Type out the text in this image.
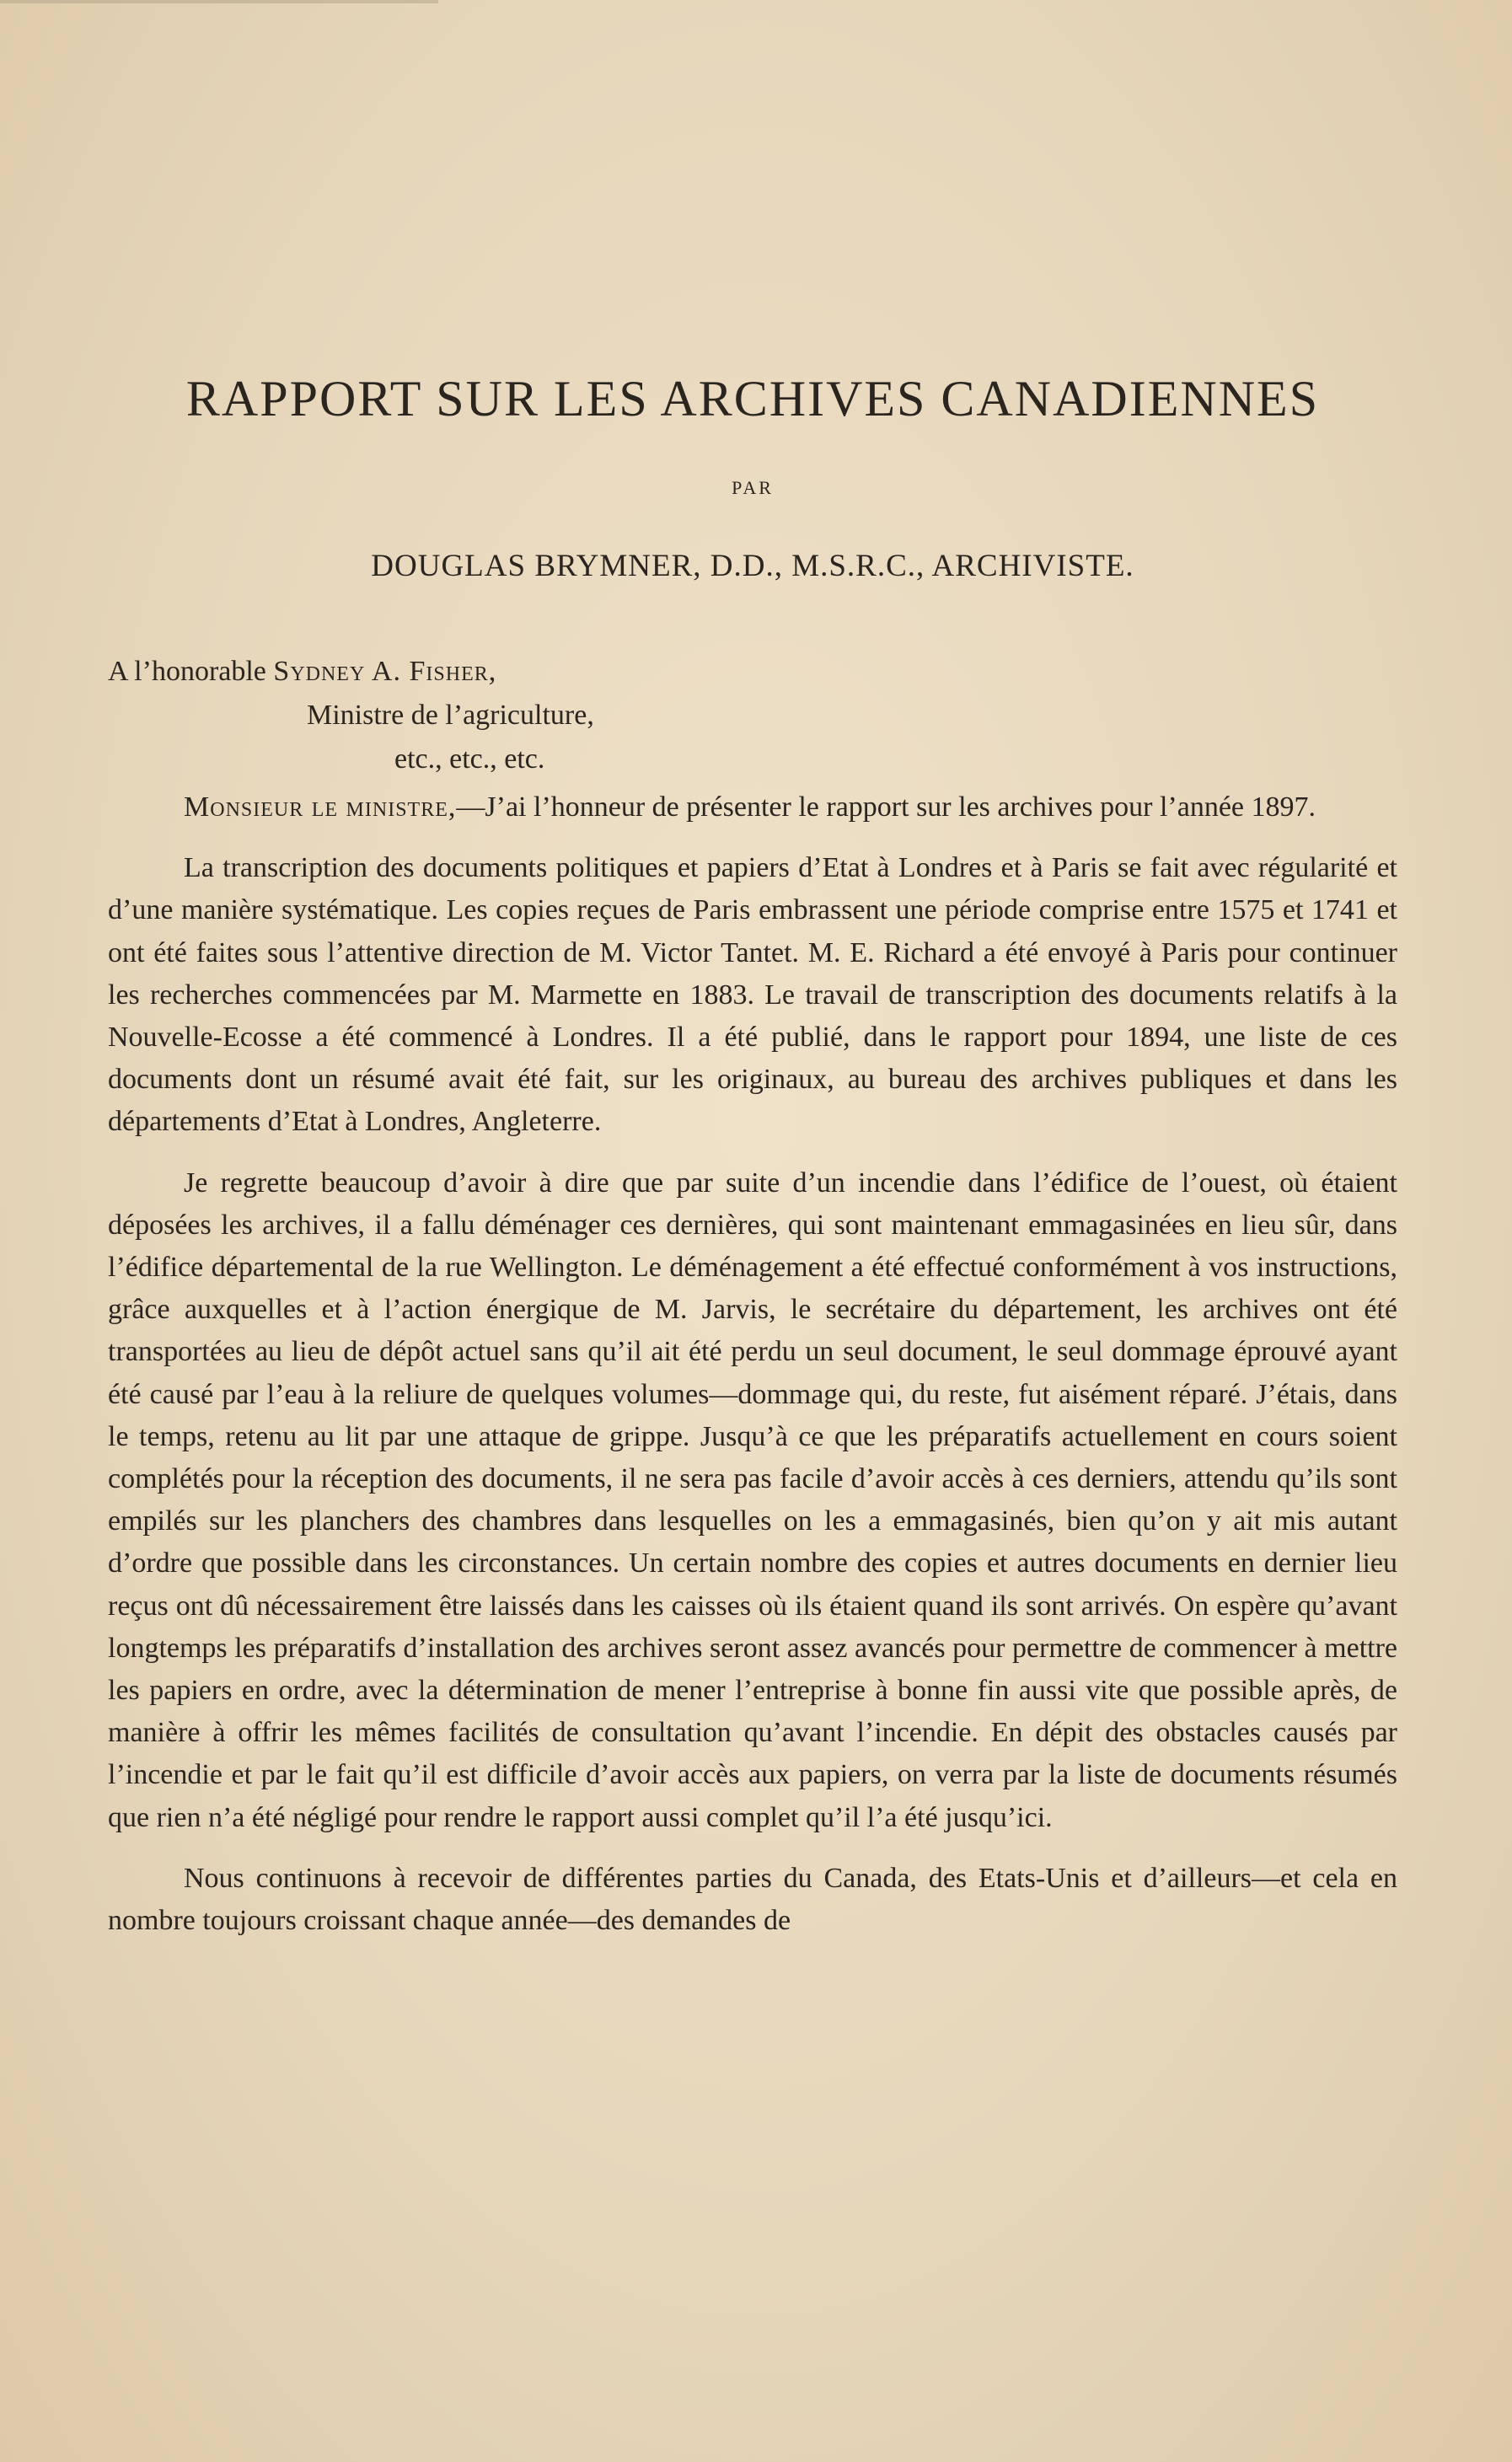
RAPPORT SUR LES ARCHIVES CANADIENNES
PAR
DOUGLAS BRYMNER, D.D., M.S.R.C., ARCHIVISTE.
A l’honorable Sydney A. Fisher,
Ministre de l’agriculture,
etc., etc., etc.

Monsieur le ministre,—J’ai l’honneur de présenter le rapport sur les archives pour l’année 1897.

La transcription des documents politiques et papiers d’Etat à Londres et à Paris se fait avec régularité et d’une manière systématique. Les copies reçues de Paris embrassent une période comprise entre 1575 et 1741 et ont été faites sous l’attentive direction de M. Victor Tantet. M. E. Richard a été envoyé à Paris pour continuer les recherches commencées par M. Marmette en 1883. Le travail de transcription des documents relatifs à la Nouvelle-Ecosse a été commencé à Londres. Il a été publié, dans le rapport pour 1894, une liste de ces documents dont un résumé avait été fait, sur les originaux, au bureau des archives publiques et dans les départements d’Etat à Londres, Angleterre.

Je regrette beaucoup d’avoir à dire que par suite d’un incendie dans l’édifice de l’ouest, où étaient déposées les archives, il a fallu déménager ces dernières, qui sont maintenant emmagasinées en lieu sûr, dans l’édifice départemental de la rue Wellington. Le déménagement a été effectué conformément à vos instructions, grâce auxquelles et à l’action énergique de M. Jarvis, le secrétaire du département, les archives ont été transportées au lieu de dépôt actuel sans qu’il ait été perdu un seul document, le seul dommage éprouvé ayant été causé par l’eau à la reliure de quelques volumes—dommage qui, du reste, fut aisément réparé. J’étais, dans le temps, retenu au lit par une attaque de grippe. Jusqu’à ce que les préparatifs actuellement en cours soient complétés pour la réception des documents, il ne sera pas facile d’avoir accès à ces derniers, attendu qu’ils sont empilés sur les planchers des chambres dans lesquelles on les a emmagasinés, bien qu’on y ait mis autant d’ordre que possible dans les circonstances. Un certain nombre des copies et autres documents en dernier lieu reçus ont dû nécessairement être laissés dans les caisses où ils étaient quand ils sont arrivés. On espère qu’avant longtemps les préparatifs d’installation des archives seront assez avancés pour permettre de commencer à mettre les papiers en ordre, avec la détermination de mener l’entreprise à bonne fin aussi vite que possible après, de manière à offrir les mêmes facilités de consultation qu’avant l’incendie. En dépit des obstacles causés par l’incendie et par le fait qu’il est difficile d’avoir accès aux papiers, on verra par la liste de documents résumés que rien n’a été négligé pour rendre le rapport aussi complet qu’il l’a été jusqu’ici.

Nous continuons à recevoir de différentes parties du Canada, des Etats-Unis et d’ailleurs—et cela en nombre toujours croissant chaque année—des demandes de
